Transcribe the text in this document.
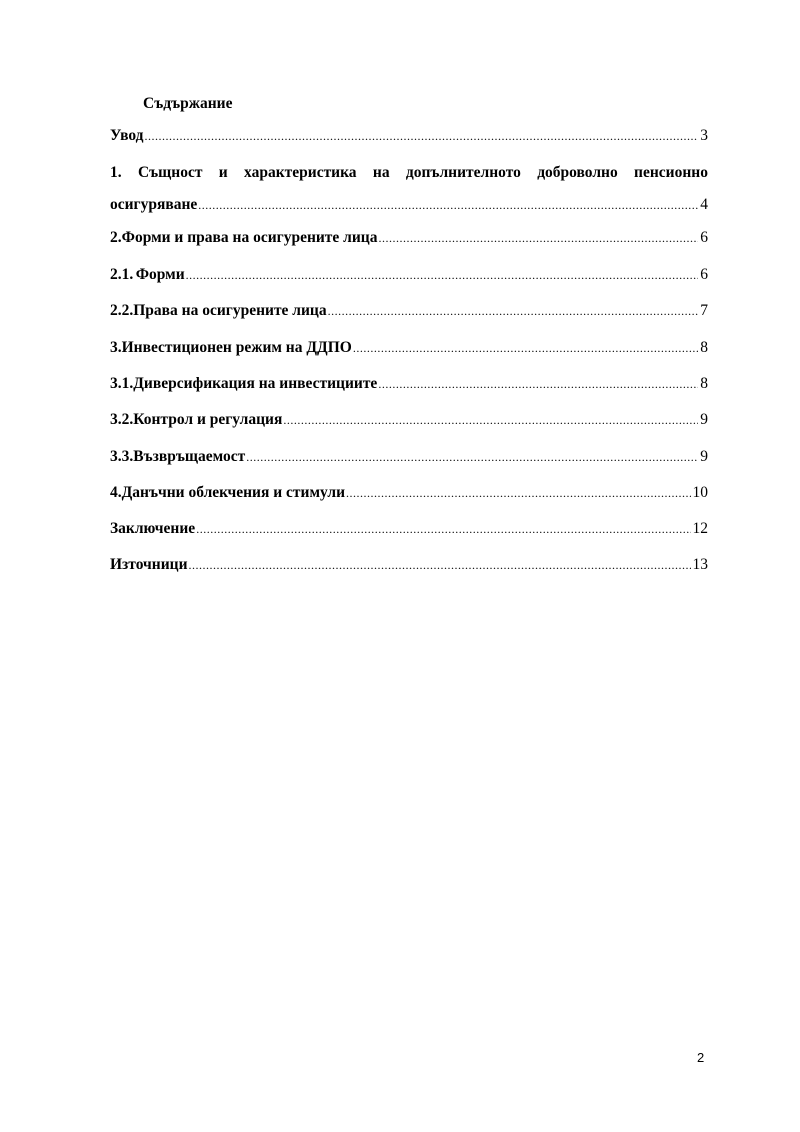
Съдържание
Увод .....	3
1. Същност и характеристика на допълнителното доброволно пенсионно
осигуряване .....	4
2. Форми и права на осигурените лица .....	6
2.1. Форми .....	6
2.2. Права на осигурените лица .....	7
3. Инвестиционен режим на ДДПО .....	8
3.1. Диверсификация на инвестициите .....	8
3.2. Контрол и регулация .....	9
3.3. Възвръщаемост .....	9
4. Данъчни облекчения и стимули .....	10
Заключение .....	12
Източници .....	13
2
